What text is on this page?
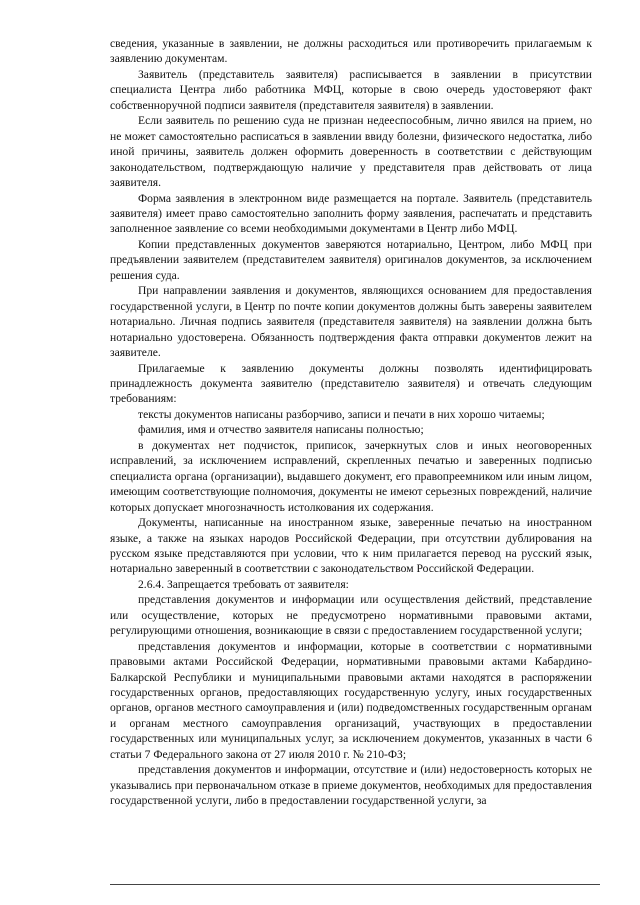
сведения, указанные в заявлении, не должны расходиться или противоречить прилагаемым к заявлению документам.

Заявитель (представитель заявителя) расписывается в заявлении в присутствии специалиста Центра либо работника МФЦ, которые в свою очередь удостоверяют факт собственноручной подписи заявителя (представителя заявителя) в заявлении.

Если заявитель по решению суда не признан недееспособным, лично явился на прием, но не может самостоятельно расписаться в заявлении ввиду болезни, физического недостатка, либо иной причины, заявитель должен оформить доверенность в соответствии с действующим законодательством, подтверждающую наличие у представителя прав действовать от лица заявителя.

Форма заявления в электронном виде размещается на портале. Заявитель (представитель заявителя) имеет право самостоятельно заполнить форму заявления, распечатать и представить заполненное заявление со всеми необходимыми документами в Центр либо МФЦ.

Копии представленных документов заверяются нотариально, Центром, либо МФЦ при предъявлении заявителем (представителем заявителя) оригиналов документов, за исключением решения суда.

При направлении заявления и документов, являющихся основанием для предоставления государственной услуги, в Центр по почте копии документов должны быть заверены заявителем нотариально. Личная подпись заявителя (представителя заявителя) на заявлении должна быть нотариально удостоверена. Обязанность подтверждения факта отправки документов лежит на заявителе.

Прилагаемые к заявлению документы должны позволять идентифицировать принадлежность документа заявителю (представителю заявителя) и отвечать следующим требованиям:

тексты документов написаны разборчиво, записи и печати в них хорошо читаемы;

фамилия, имя и отчество заявителя написаны полностью;

в документах нет подчисток, приписок, зачеркнутых слов и иных неоговоренных исправлений, за исключением исправлений, скрепленных печатью и заверенных подписью специалиста органа (организации), выдавшего документ, его правопреемником или иным лицом, имеющим соответствующие полномочия, документы не имеют серьезных повреждений, наличие которых допускает многозначность истолкования их содержания.

Документы, написанные на иностранном языке, заверенные печатью на иностранном языке, а также на языках народов Российской Федерации, при отсутствии дублирования на русском языке представляются при условии, что к ним прилагается перевод на русский язык, нотариально заверенный в соответствии с законодательством Российской Федерации.

2.6.4. Запрещается требовать от заявителя:

представления документов и информации или осуществления действий, представление или осуществление, которых не предусмотрено нормативными правовыми актами, регулирующими отношения, возникающие в связи с предоставлением государственной услуги;

представления документов и информации, которые в соответствии с нормативными правовыми актами Российской Федерации, нормативными правовыми актами Кабардино-Балкарской Республики и муниципальными правовыми актами находятся в распоряжении государственных органов, предоставляющих государственную услугу, иных государственных органов, органов местного самоуправления и (или) подведомственных государственным органам и органам местного самоуправления организаций, участвующих в предоставлении государственных или муниципальных услуг, за исключением документов, указанных в части 6 статьи 7 Федерального закона от 27 июля 2010 г. № 210-ФЗ;

представления документов и информации, отсутствие и (или) недостоверность которых не указывались при первоначальном отказе в приеме документов, необходимых для предоставления государственной услуги, либо в предоставлении государственной услуги, за
